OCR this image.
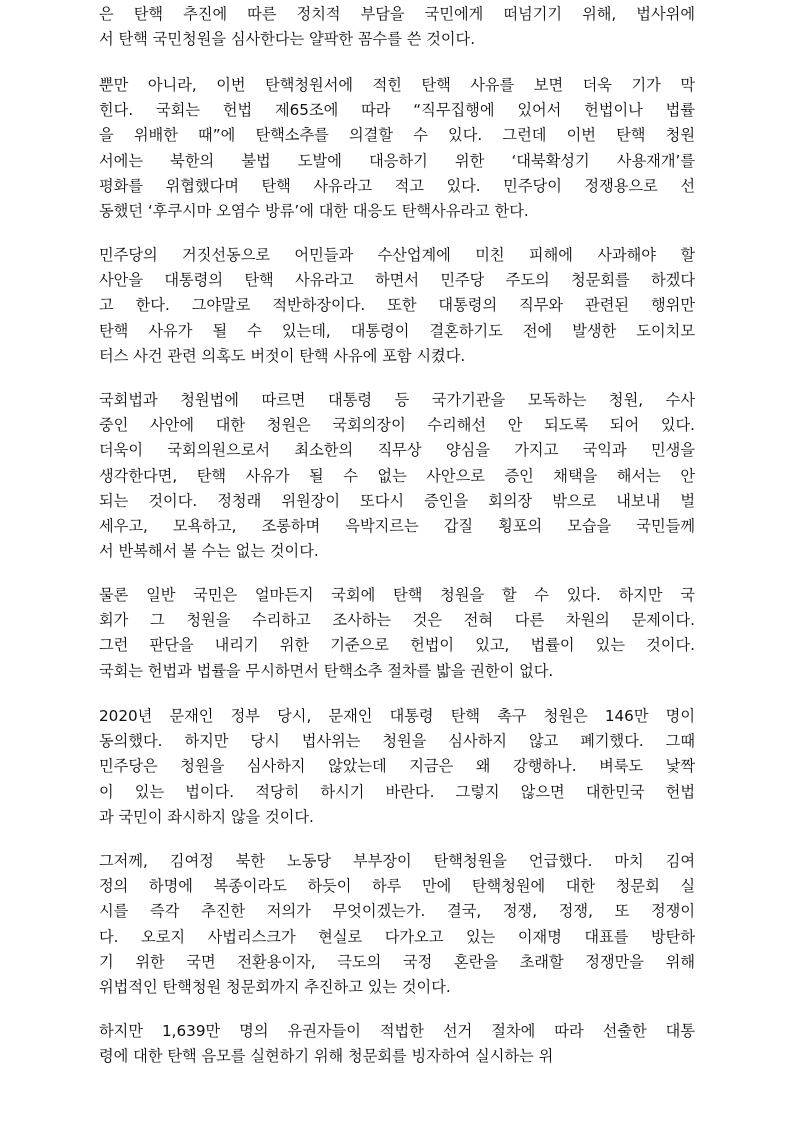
은 탄핵 추진에 따른 정치적 부담을 국민에게 떠넘기기 위해, 법사위에
서 탄핵 국민청원을 심사한다는 얄팍한 꼼수를 쓴 것이다.
뿐만 아니라, 이번 탄핵청원서에 적힌 탄핵 사유를 보면 더욱 기가 막
힌다. 국회는 헌법 제65조에 따라 “직무집행에 있어서 헌법이나 법률
을 위배한 때”에 탄핵소추를 의결할 수 있다. 그런데 이번 탄핵 청원
서에는 북한의 불법 도발에 대응하기 위한 ‘대북확성기 사용재개’를
평화를 위협했다며 탄핵 사유라고 적고 있다. 민주당이 정쟁용으로 선
동했던 ‘후쿠시마 오염수 방류’에 대한 대응도 탄핵사유라고 한다.
민주당의 거짓선동으로 어민들과 수산업계에 미친 피해에 사과해야 할
사안을 대통령의 탄핵 사유라고 하면서 민주당 주도의 청문회를 하겠다
고 한다. 그야말로 적반하장이다. 또한 대통령의 직무와 관련된 행위만
탄핵 사유가 될 수 있는데, 대통령이 결혼하기도 전에 발생한 도이치모
터스 사건 관련 의혹도 버젓이 탄핵 사유에 포함 시켰다.
국회법과 청원법에 따르면 대통령 등 국가기관을 모독하는 청원, 수사
중인 사안에 대한 청원은 국회의장이 수리해선 안 되도록 되어 있다.
더욱이 국회의원으로서 최소한의 직무상 양심을 가지고 국익과 민생을
생각한다면, 탄핵 사유가 될 수 없는 사안으로 증인 채택을 해서는 안
되는 것이다. 정청래 위원장이 또다시 증인을 회의장 밖으로 내보내 벌
세우고, 모욕하고, 조롱하며 윽박지르는 갑질 횡포의 모습을 국민들께
서 반복해서 볼 수는 없는 것이다.
물론 일반 국민은 얼마든지 국회에 탄핵 청원을 할 수 있다. 하지만 국
회가 그 청원을 수리하고 조사하는 것은 전혀 다른 차원의 문제이다.
그런 판단을 내리기 위한 기준으로 헌법이 있고, 법률이 있는 것이다.
국회는 헌법과 법률을 무시하면서 탄핵소추 절차를 밟을 권한이 없다.
2020년 문재인 정부 당시, 문재인 대통령 탄핵 촉구 청원은 146만 명이
동의했다. 하지만 당시 법사위는 청원을 심사하지 않고 폐기했다. 그때
민주당은 청원을 심사하지 않았는데 지금은 왜 강행하나. 벼룩도 낯짝
이 있는 법이다. 적당히 하시기 바란다. 그렇지 않으면 대한민국 헌법
과 국민이 좌시하지 않을 것이다.
그저께, 김여정 북한 노동당 부부장이 탄핵청원을 언급했다. 마치 김여
정의 하명에 복종이라도 하듯이 하루 만에 탄핵청원에 대한 청문회 실
시를 즉각 추진한 저의가 무엇이겠는가. 결국, 정쟁, 정쟁, 또 정쟁이
다. 오로지 사법리스크가 현실로 다가오고 있는 이재명 대표를 방탄하
기 위한 국면 전환용이자, 극도의 국정 혼란을 초래할 정쟁만을 위해
위법적인 탄핵청원 청문회까지 추진하고 있는 것이다.
하지만 1,639만 명의 유권자들이 적법한 선거 절차에 따라 선출한 대통
령에 대한 탄핵 음모를 실현하기 위해 청문회를 빙자하여 실시하는 위
